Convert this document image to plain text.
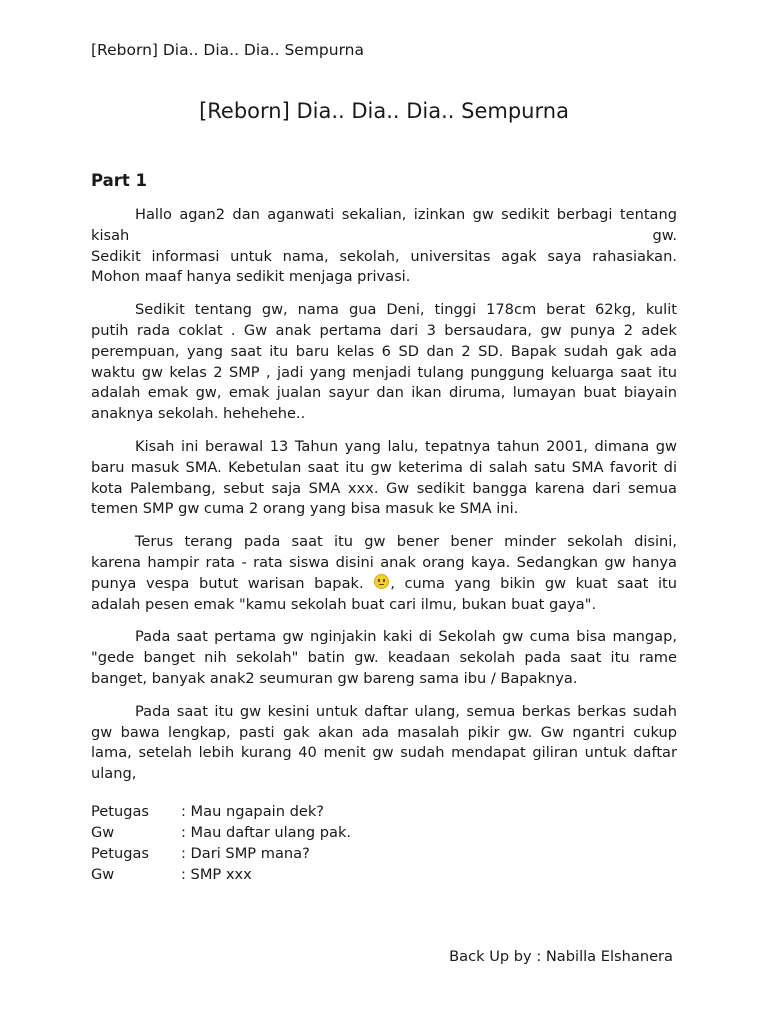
[Reborn] Dia.. Dia.. Dia.. Sempurna
[Reborn] Dia.. Dia.. Dia.. Sempurna
Part 1
Hallo agan2 dan aganwati sekalian, izinkan gw sedikit berbagi tentang
kisah gw.
Sedikit informasi untuk nama, sekolah, universitas agak saya rahasiakan.
Mohon maaf hanya sedikit menjaga privasi.
Sedikit tentang gw, nama gua Deni, tinggi 178cm berat 62kg, kulit
putih rada coklat . Gw anak pertama dari 3 bersaudara, gw punya 2 adek
perempuan, yang saat itu baru kelas 6 SD dan 2 SD. Bapak sudah gak ada
waktu gw kelas 2 SMP , jadi yang menjadi tulang punggung keluarga saat itu
adalah emak gw, emak jualan sayur dan ikan diruma, lumayan buat biayain
anaknya sekolah. hehehehe..
Kisah ini berawal 13 Tahun yang lalu, tepatnya tahun 2001, dimana gw
baru masuk SMA. Kebetulan saat itu gw keterima di salah satu SMA favorit di
kota Palembang, sebut saja SMA xxx. Gw sedikit bangga karena dari semua
temen SMP gw cuma 2 orang yang bisa masuk ke SMA ini.
Terus terang pada saat itu gw bener bener minder sekolah disini,
karena hampir rata - rata siswa disini anak orang kaya. Sedangkan gw hanya
punya vespa butut warisan bapak. , cuma yang bikin gw kuat saat itu
adalah pesen emak "kamu sekolah buat cari ilmu, bukan buat gaya".
Pada saat pertama gw nginjakin kaki di Sekolah gw cuma bisa mangap,
"gede banget nih sekolah" batin gw. keadaan sekolah pada saat itu rame
banget, banyak anak2 seumuran gw bareng sama ibu / Bapaknya.
Pada saat itu gw kesini untuk daftar ulang, semua berkas berkas sudah
gw bawa lengkap, pasti gak akan ada masalah pikir gw. Gw ngantri cukup
lama, setelah lebih kurang 40 menit gw sudah mendapat giliran untuk daftar
ulang,
Petugas	: Mau ngapain dek?
Gw	: Mau daftar ulang pak.
Petugas	: Dari SMP mana?
Gw	: SMP xxx
Back Up by : Nabilla Elshanera
